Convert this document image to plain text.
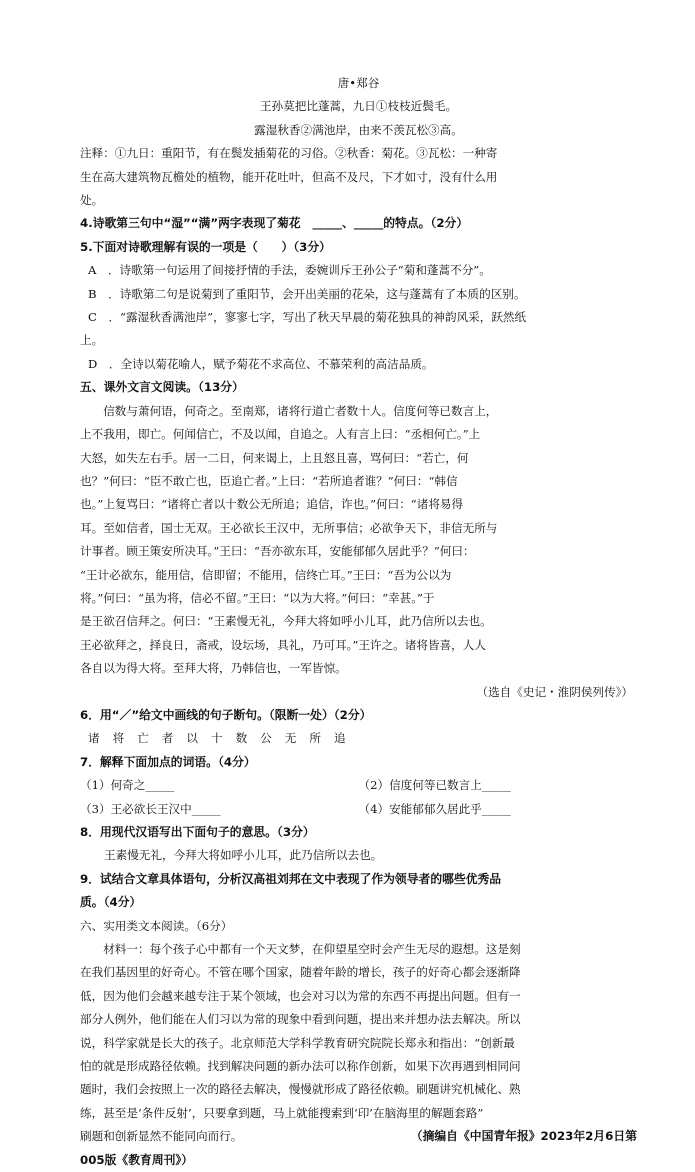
唐•郑谷
王孙莫把比蓬蒿，九日①枝枝近鬓毛。
露湿秋香②满池岸，由来不羡瓦松③高。
注释：①九日：重阳节，有在鬓发插菊花的习俗。②秋香：菊花。③瓦松：一种寄
生在高大建筑物瓦檐处的植物，能开花吐叶，但高不及尺，下才如寸，没有什么用
处。
4.诗歌第三句中“湿”“满”两字表现了菊花　_____、_____的特点。（2分）
5.下面对诗歌理解有误的一项是（　　）（3分）
A　．诗歌第一句运用了间接抒情的手法，委婉训斥王孙公子“菊和蓬蒿不分”。
B　．诗歌第二句是说菊到了重阳节，会开出美丽的花朵，这与蓬蒿有了本质的区别。
C　．“露湿秋香满池岸”，寥寥七字，写出了秋天早晨的菊花独具的神韵风采，跃然纸
上。
D　．全诗以菊花喻人，赋予菊花不求高位、不慕荣利的高洁品质。
五、课外文言文阅读。（13分）
　　信数与萧何语，何奇之。至南郑，诸将行道亡者数十人。信度何等已数言上，
上不我用，即亡。何闻信亡，不及以闻，自追之。人有言上曰：“丞相何亡。”上
大怒，如失左右手。居一二日，何来谒上，上且怒且喜，骂何曰：“若亡，何
也？”何曰：“臣不敢亡也，臣追亡者。”上曰：“若所追者谁？”何曰：“韩信
也。”上复骂曰：“诸将亡者以十数公无所追；追信，诈也。”何曰：“诸将易得
耳。至如信者，国士无双。王必欲长王汉中，无所事信；必欲争天下，非信无所与
计事者。顾王策安所决耳。”王曰：“吾亦欲东耳，安能郁郁久居此乎？”何曰：
“王计必欲东，能用信，信即留；不能用，信终亡耳。”王曰：“吾为公以为
将。”何曰：“虽为将，信必不留。”王曰：“以为大将。”何曰：“幸甚。”于
是王欲召信拜之。何曰：“王素慢无礼，今拜大将如呼小儿耳，此乃信所以去也。
王必欲拜之，择良日，斋戒，设坛场，具礼，乃可耳。”王许之。诸将皆喜，人人
各自以为得大将。至拜大将，乃韩信也，一军皆惊。
（选自《史记・淮阴侯列传》）
6．用“／”给文中画线的句子断句。（限断一处）（2分）
诸将亡者以十数公无所追
7．解释下面加点的词语。（4分）
（1）何奇之_____	（2）信度何等已数言上_____
（3）王必欲长王汉中_____	（4）安能郁郁久居此乎_____
8．用现代汉语写出下面句子的意思。（3分）
王素慢无礼，今拜大将如呼小儿耳，此乃信所以去也。
9．试结合文章具体语句，分析汉高祖刘邦在文中表现了作为领导者的哪些优秀品
质。（4分）
六、实用类文本阅读。（6分）
　　材料一：每个孩子心中都有一个天文梦，在仰望星空时会产生无尽的遐想。这是刻
在我们基因里的好奇心。不管在哪个国家，随着年龄的增长，孩子的好奇心都会逐渐降
低，因为他们会越来越专注于某个领域，也会对习以为常的东西不再提出问题。但有一
部分人例外，他们能在人们习以为常的现象中看到问题，提出来并想办法去解决。所以
说，科学家就是长大的孩子。北京师范大学科学教育研究院院长郑永和指出：“创新最
怕的就是形成路径依赖。找到解决问题的新办法可以称作创新，如果下次再遇到相同问
题时，我们会按照上一次的路径去解决，慢慢就形成了路径依赖。刷题讲究机械化、熟
练，甚至是‘条件反射’，只要拿到题，马上就能搜索到‘印’在脑海里的解题套路”
刷题和创新显然不能同向而行。	（摘编自《中国青年报》2023年2月6日第
005版《教育周刊》）
